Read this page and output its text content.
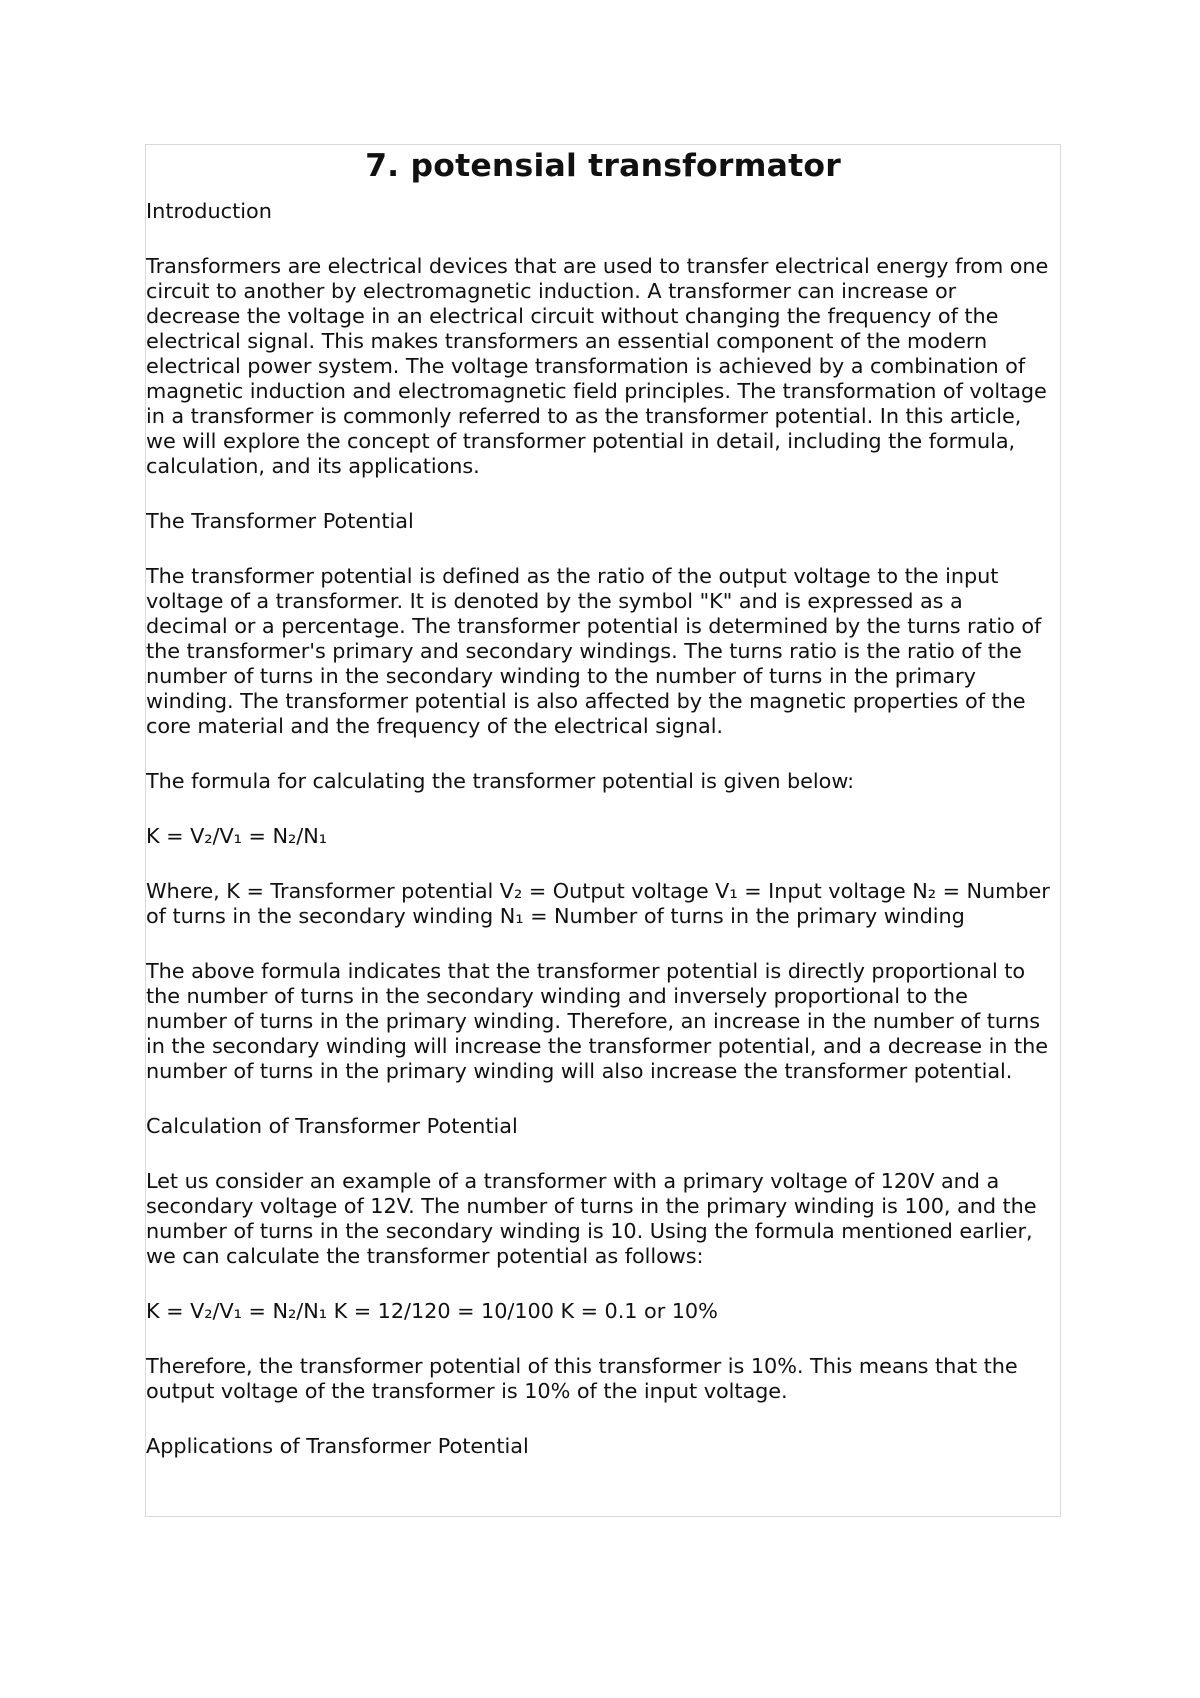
7. potensial transformator

Introduction

Transformers are electrical devices that are used to transfer electrical energy from one circuit to another by electromagnetic induction. A transformer can increase or decrease the voltage in an electrical circuit without changing the frequency of the electrical signal. This makes transformers an essential component of the modern electrical power system. The voltage transformation is achieved by a combination of magnetic induction and electromagnetic field principles. The transformation of voltage in a transformer is commonly referred to as the transformer potential. In this article, we will explore the concept of transformer potential in detail, including the formula, calculation, and its applications.

The Transformer Potential

The transformer potential is defined as the ratio of the output voltage to the input voltage of a transformer. It is denoted by the symbol "K" and is expressed as a decimal or a percentage. The transformer potential is determined by the turns ratio of the transformer's primary and secondary windings. The turns ratio is the ratio of the number of turns in the secondary winding to the number of turns in the primary winding. The transformer potential is also affected by the magnetic properties of the core material and the frequency of the electrical signal.

The formula for calculating the transformer potential is given below:

K = V₂/V₁ = N₂/N₁

Where, K = Transformer potential V₂ = Output voltage V₁ = Input voltage N₂ = Number of turns in the secondary winding N₁ = Number of turns in the primary winding

The above formula indicates that the transformer potential is directly proportional to the number of turns in the secondary winding and inversely proportional to the number of turns in the primary winding. Therefore, an increase in the number of turns in the secondary winding will increase the transformer potential, and a decrease in the number of turns in the primary winding will also increase the transformer potential.

Calculation of Transformer Potential

Let us consider an example of a transformer with a primary voltage of 120V and a secondary voltage of 12V. The number of turns in the primary winding is 100, and the number of turns in the secondary winding is 10. Using the formula mentioned earlier, we can calculate the transformer potential as follows:

K = V₂/V₁ = N₂/N₁ K = 12/120 = 10/100 K = 0.1 or 10%

Therefore, the transformer potential of this transformer is 10%. This means that the output voltage of the transformer is 10% of the input voltage.

Applications of Transformer Potential
